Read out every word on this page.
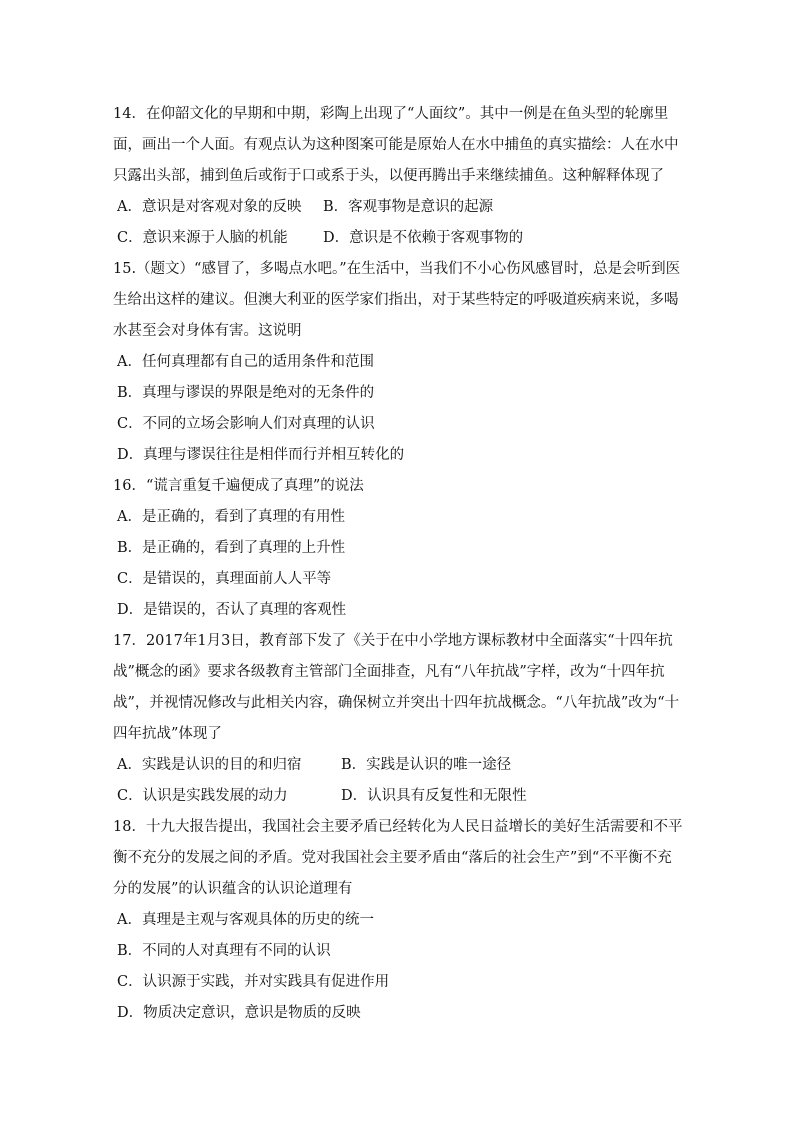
14．在仰韶文化的早期和中期，彩陶上出现了“人面纹”。其中一例是在鱼头型的轮廓里面，画出一个人面。有观点认为这种图案可能是原始人在水中捕鱼的真实描绘：人在水中只露出头部，捕到鱼后或衔于口或系于头，以便再腾出手来继续捕鱼。这种解释体现了

A．意识是对客观对象的反映	B．客观事物是意识的起源
C．意识来源于人脑的机能	D．意识是不依赖于客观事物的

15.（题文）“感冒了，多喝点水吧。”在生活中，当我们不小心伤风感冒时，总是会听到医生给出这样的建议。但澳大利亚的医学家们指出，对于某些特定的呼吸道疾病来说，多喝水甚至会对身体有害。这说明

A．任何真理都有自己的适用条件和范围

B．真理与谬误的界限是绝对的无条件的

C．不同的立场会影响人们对真理的认识

D．真理与谬误往往是相伴而行并相互转化的

16．“谎言重复千遍便成了真理”的说法

A．是正确的，看到了真理的有用性

B．是正确的，看到了真理的上升性

C．是错误的，真理面前人人平等

D．是错误的，否认了真理的客观性

17．2017年1月3日，教育部下发了《关于在中小学地方课标教材中全面落实“十四年抗战”概念的函》要求各级教育主管部门全面排查，凡有“八年抗战”字样，改为“十四年抗战”，并视情况修改与此相关内容，确保树立并突出十四年抗战概念。“八年抗战”改为“十四年抗战”体现了

A．实践是认识的目的和归宿	B．实践是认识的唯一途径
C．认识是实践发展的动力	D．认识具有反复性和无限性

18．十九大报告提出，我国社会主要矛盾已经转化为人民日益增长的美好生活需要和不平衡不充分的发展之间的矛盾。党对我国社会主要矛盾由“落后的社会生产”到“不平衡不充分的发展”的认识蕴含的认识论道理有

A．真理是主观与客观具体的历史的统一

B．不同的人对真理有不同的认识

C．认识源于实践，并对实践具有促进作用

D．物质决定意识，意识是物质的反映
